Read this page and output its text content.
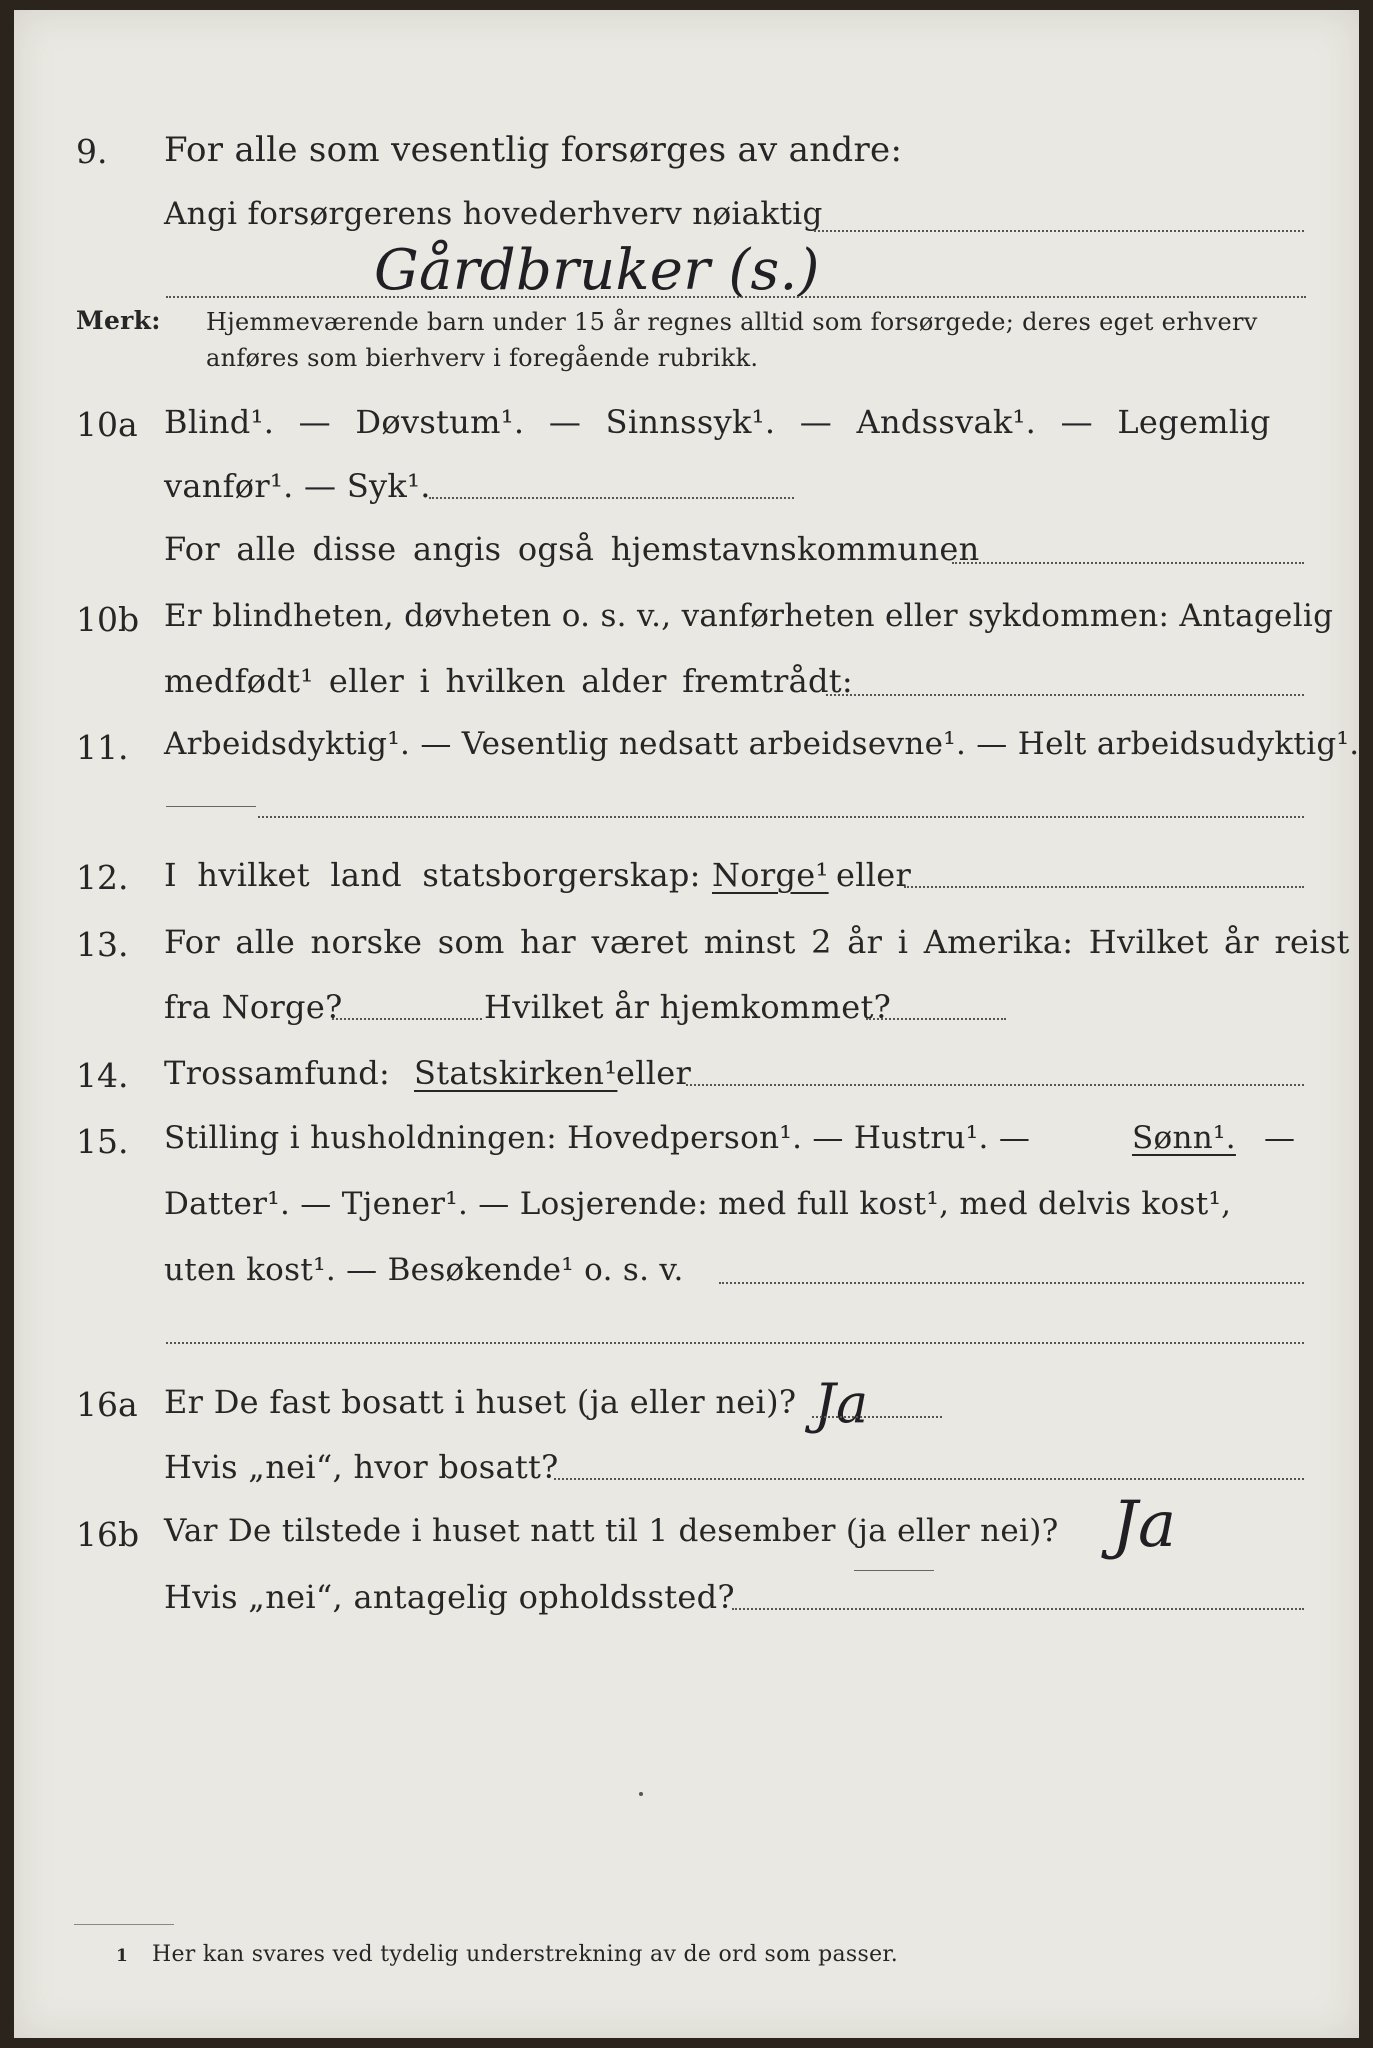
9. For alle som vesentlig forsørges av andre:
Angi forsørgerens hovederhverv nøiaktig
Gårdbruker (s.)
Merk: Hjemmeværende barn under 15 år regnes alltid som forsørgede; deres eget erhverv
anføres som bierhverv i foregående rubrikk.
10a Blind¹. — Døvstum¹. — Sinnssyk¹. — Andssvak¹. — Legemlig
vanfør¹. — Syk¹.
For alle disse angis også hjemstavnskommunen
10b Er blindheten, døvheten o. s. v., vanførheten eller sykdommen: Antagelig
medfødt¹ eller i hvilken alder fremtrådt:
11. Arbeidsdyktig¹. — Vesentlig nedsatt arbeidsevne¹. — Helt arbeidsudyktig¹.
12. I hvilket land statsborgerskap: Norge¹ eller
13. For alle norske som har været minst 2 år i Amerika: Hvilket år reist
fra Norge?	Hvilket år hjemkommet?
14. Trossamfund: Statskirken¹
eller
15. Stilling i husholdningen: Hovedperson¹. — Hustru¹. —	Sønn¹. —
Datter¹. — Tjener¹. — Losjerende: med full kost¹, med delvis kost¹,
uten kost¹. — Besøkende¹ o. s. v.
16a Er De fast bosatt i huset (ja eller nei)? Ja
Hvis „nei“, hvor bosatt?
16b Var De tilstede i huset natt til 1 desember (ja eller nei)? Ja
Hvis „nei“, antagelig opholdssted?
1 Her kan svares ved tydelig understrekning av de ord som passer.
